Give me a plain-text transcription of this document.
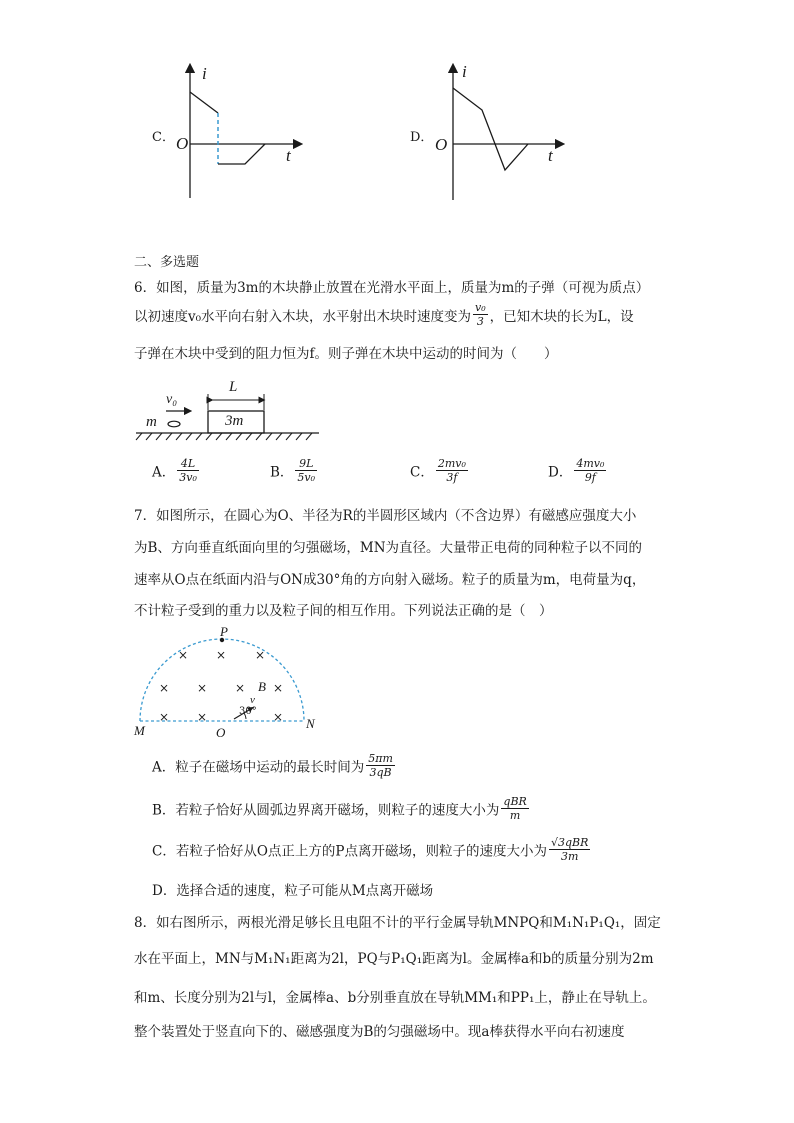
C．
i
O
t
D．
i
O
t
二、多选题
6．如图，质量为3m的木块静止放置在光滑水平面上，质量为m的子弹（可视为质点）
以初速度v₀水平向右射入木块，水平射出木块时速度变为 $\frac{\text{v₀}}{3}$ ，已知木块的长为L，设
子弹在木块中受到的阻力恒为f。则子弹在木块中运动的时间为（　　）
v₀
L
3m
m
A． $\frac{4L}{\text{3v₀}}$	B． $\frac{9L}{\text{5v₀}}$	C． $\frac{\text{2mv₀}}{3f}$	D． $\frac{\text{4mv₀}}{9f}$
7．如图所示，在圆心为O、半径为R的半圆形区域内（不含边界）有磁感应强度大小
为B、方向垂直纸面向里的匀强磁场，MN为直径。大量带正电荷的同种粒子以不同的
速率从O点在纸面内沿与ON成30°角的方向射入磁场。粒子的质量为m，电荷量为q，
不计粒子受到的重力以及粒子间的相互作用。下列说法正确的是（　）
P
× × ×
× × × B ×
× ×	×
v
30°
M	O
N
A．粒子在磁场中运动的最长时间为 $\frac{5\pi m}{3qB}$
B．若粒子恰好从圆弧边界离开磁场，则粒子的速度大小为 $\frac{\text{qBR}}{m}$
C．若粒子恰好从O点正上方的P点离开磁场，则粒子的速度大小为 $\frac{\text{√3qBR}}{3m}$
D．选择合适的速度，粒子可能从M点离开磁场
8．如右图所示，两根光滑足够长且电阻不计的平行金属导轨MNPQ和M₁N₁P₁Q₁，固定
水在平面上，MN与M₁N₁距离为2l，PQ与P₁Q₁距离为l。金属棒a和b的质量分别为2m
和m、长度分别为2l与l，金属棒a、b分别垂直放在导轨MM₁和PP₁上，静止在导轨上。
整个装置处于竖直向下的、磁感强度为B的匀强磁场中。现a棒获得水平向右初速度
